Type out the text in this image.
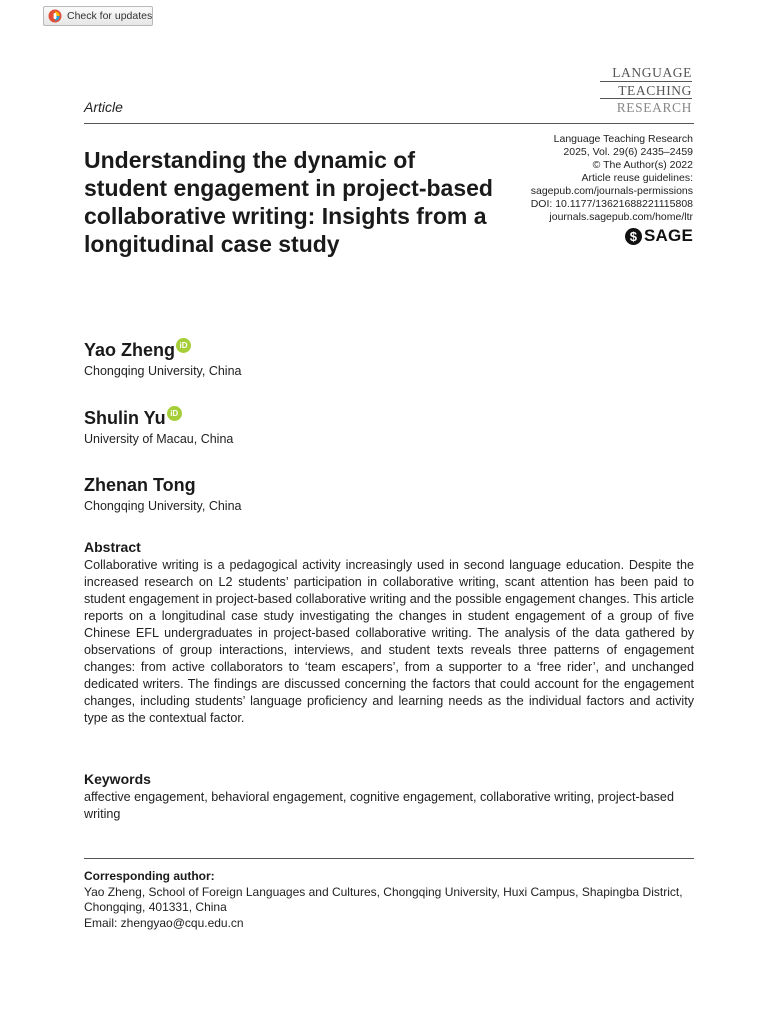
Check for updates
LANGUAGE
TEACHING
RESEARCH
Article
Language Teaching Research
2025, Vol. 29(6) 2435–2459
© The Author(s) 2022
Article reuse guidelines:
sagepub.com/journals-permissions
DOI: 10.1177/13621688221115808
journals.sagepub.com/home/ltr
$ SAGE
Understanding the dynamic of student engagement in project-based collaborative writing: Insights from a longitudinal case study
Yao Zheng iD
Chongqing University, China
Shulin Yu iD
University of Macau, China
Zhenan Tong
Chongqing University, China
Abstract

Collaborative writing is a pedagogical activity increasingly used in second language education. Despite the increased research on L2 students’ participation in collaborative writing, scant attention has been paid to student engagement in project-based collaborative writing and the possible engagement changes. This article reports on a longitudinal case study investigating the changes in student engagement of a group of five Chinese EFL undergraduates in project-based collaborative writing. The analysis of the data gathered by observations of group interactions, interviews, and student texts reveals three patterns of engagement changes: from active collaborators to ‘team escapers’, from a supporter to a ‘free rider’, and unchanged dedicated writers. The findings are discussed concerning the factors that could account for the engagement changes, including students’ language proficiency and learning needs as the individual factors and activity type as the contextual factor.

Keywords

affective engagement, behavioral engagement, cognitive engagement, collaborative writing, project-based writing

Corresponding author:
Yao Zheng, School of Foreign Languages and Cultures, Chongqing University, Huxi Campus, Shapingba District, Chongqing, 401331, China
Email: zhengyao@cqu.edu.cn
